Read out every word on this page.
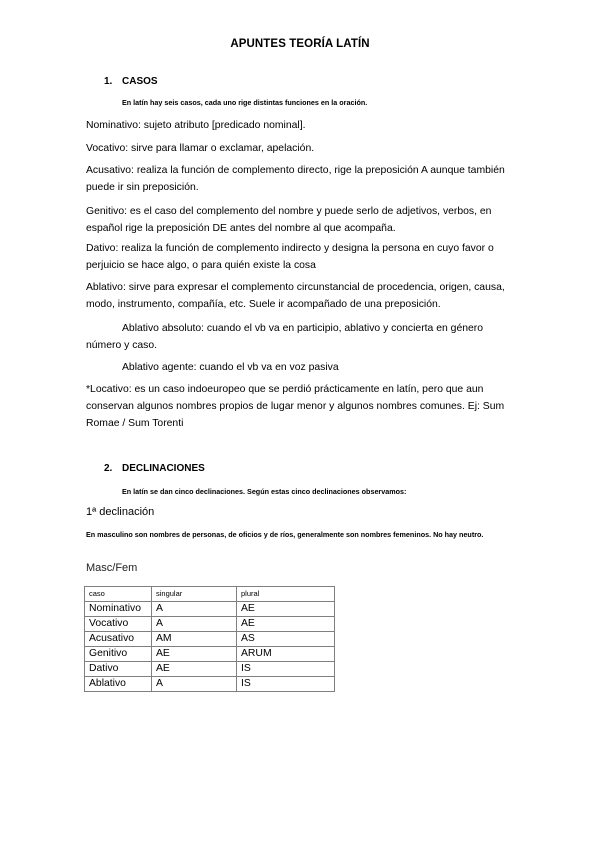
APUNTES TEORÍA LATÍN
1. CASOS
En latín hay seis casos, cada uno rige distintas funciones en la oración.
Nominativo: sujeto atributo [predicado nominal].
Vocativo: sirve para llamar o exclamar, apelación.
Acusativo: realiza la función de complemento directo, rige la preposición A aunque también puede ir sin preposición.
Genitivo: es el caso del complemento del nombre y puede serlo de adjetivos, verbos, en español rige la preposición DE antes del nombre al que acompaña.
Dativo: realiza la función de complemento indirecto y designa la persona en cuyo favor o perjuicio se hace algo, o para quién existe la cosa
Ablativo: sirve para expresar el complemento circunstancial de procedencia, origen, causa, modo, instrumento, compañía, etc. Suele ir acompañado de una preposición.
Ablativo absoluto: cuando el vb va en participio, ablativo y concierta en género número y caso.
Ablativo agente: cuando el vb va en voz pasiva
*Locativo: es un caso indoeuropeo que se perdió prácticamente en latín, pero que aun conservan algunos nombres propios de lugar menor y algunos nombres comunes. Ej: Sum Romae / Sum Torenti
2. DECLINACIONES
En latín se dan cinco declinaciones. Según estas cinco declinaciones observamos:
1ª declinación
En masculino son nombres de personas, de oficios y de ríos, generalmente son nombres femeninos. No hay neutro.
Masc/Fem
caso	singular	plural
Nominativo	A	AE
Vocativo	A	AE
Acusativo	AM	AS
Genitivo	AE	ARUM
Dativo	AE	IS
Ablativo	A	IS
